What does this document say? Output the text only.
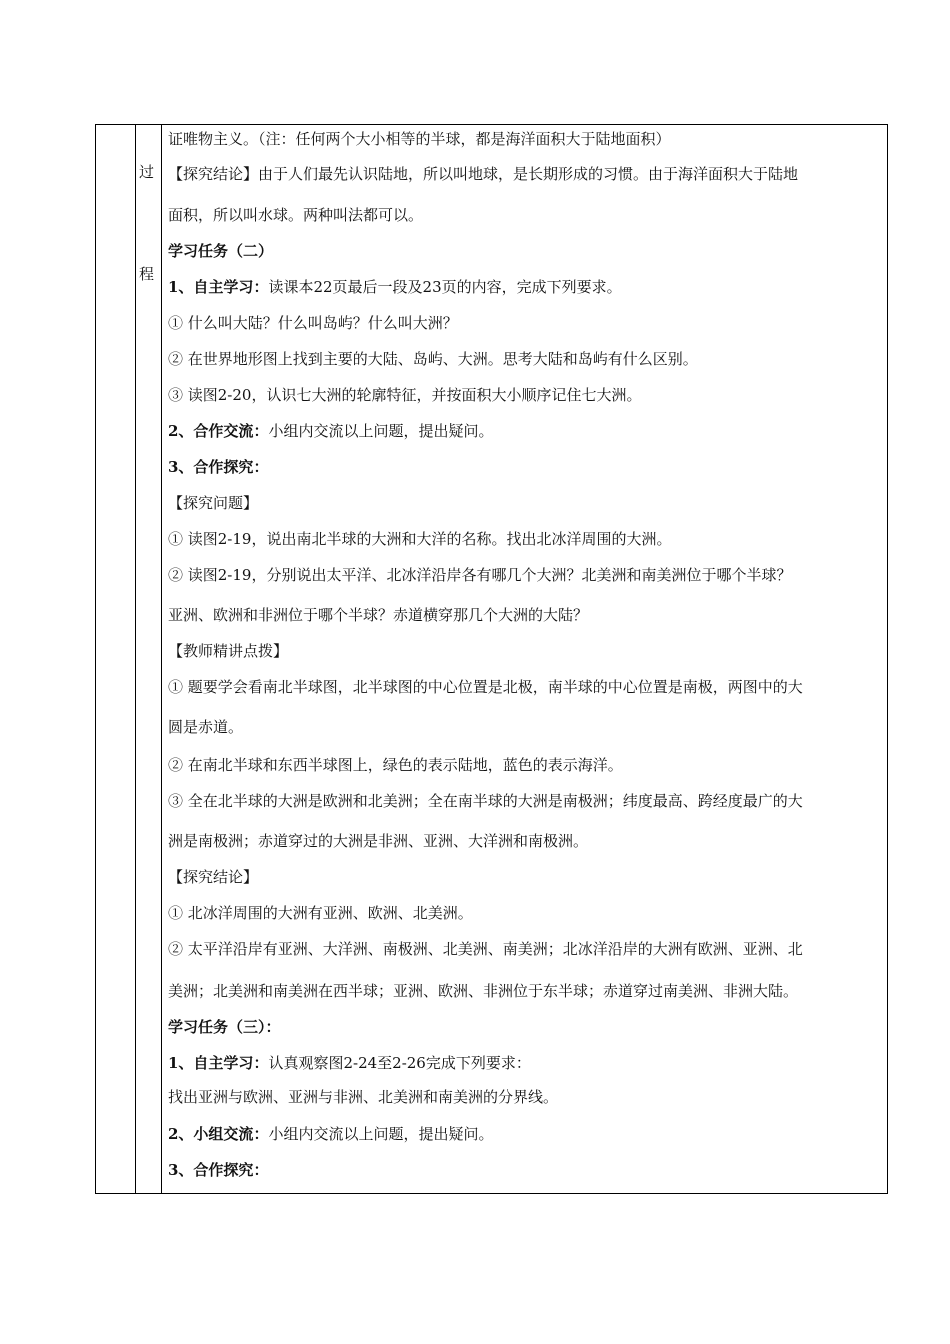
过
程
证唯物主义。（注：任何两个大小相等的半球，都是海洋面积大于陆地面积）
【探究结论】由于人们最先认识陆地，所以叫地球，是长期形成的习惯。由于海洋面积大于陆地
面积，所以叫水球。两种叫法都可以。
学习任务（二）
1、自主学习：读课本22页最后一段及23页的内容，完成下列要求。
① 什么叫大陆？什么叫岛屿？什么叫大洲？
② 在世界地形图上找到主要的大陆、岛屿、大洲。思考大陆和岛屿有什么区别。
③ 读图2-20，认识七大洲的轮廓特征，并按面积大小顺序记住七大洲。
2、合作交流：小组内交流以上问题，提出疑问。
3、合作探究：
【探究问题】
① 读图2-19，说出南北半球的大洲和大洋的名称。找出北冰洋周围的大洲。
② 读图2-19，分别说出太平洋、北冰洋沿岸各有哪几个大洲？北美洲和南美洲位于哪个半球？
亚洲、欧洲和非洲位于哪个半球？赤道横穿那几个大洲的大陆？
【教师精讲点拨】
① 题要学会看南北半球图，北半球图的中心位置是北极，南半球的中心位置是南极，两图中的大
圆是赤道。
② 在南北半球和东西半球图上，绿色的表示陆地，蓝色的表示海洋。
③ 全在北半球的大洲是欧洲和北美洲；全在南半球的大洲是南极洲；纬度最高、跨经度最广的大
洲是南极洲；赤道穿过的大洲是非洲、亚洲、大洋洲和南极洲。
【探究结论】
① 北冰洋周围的大洲有亚洲、欧洲、北美洲。
② 太平洋沿岸有亚洲、大洋洲、南极洲、北美洲、南美洲；北冰洋沿岸的大洲有欧洲、亚洲、北
美洲；北美洲和南美洲在西半球；亚洲、欧洲、非洲位于东半球；赤道穿过南美洲、非洲大陆。
学习任务（三）：
1、自主学习：认真观察图2-24至2-26完成下列要求：
找出亚洲与欧洲、亚洲与非洲、北美洲和南美洲的分界线。
2、小组交流：小组内交流以上问题，提出疑问。
3、合作探究：
